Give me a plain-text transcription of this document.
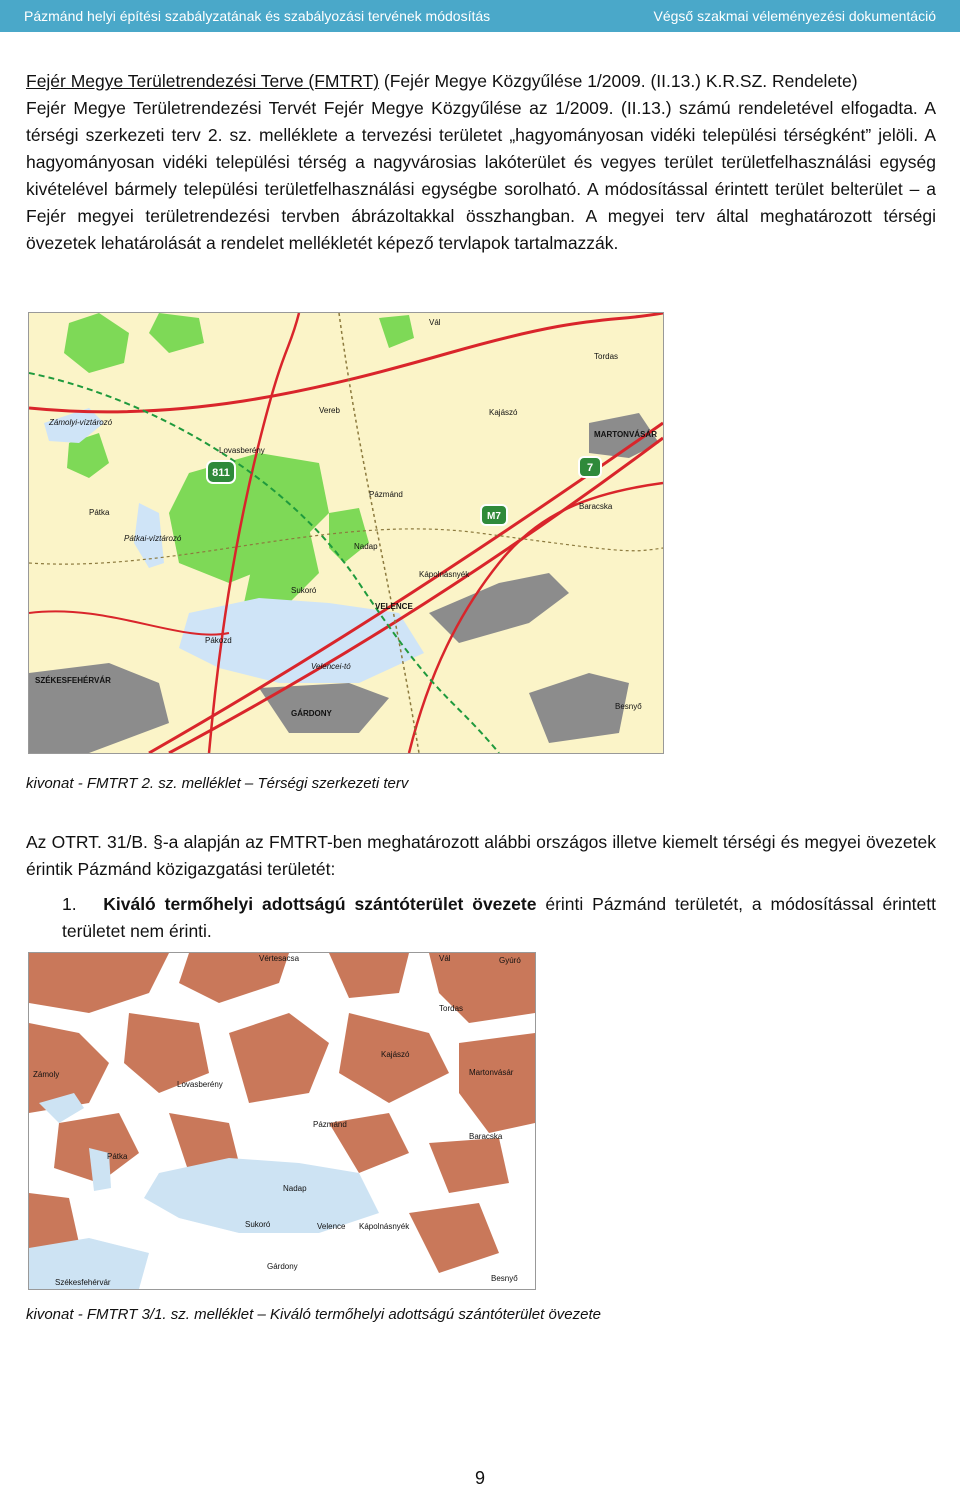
Pázmánd helyi építési szabályzatának és szabályozási tervének módosítás	Végső szakmai véleményezési dokumentáció
Fejér Megye Területrendezési Terve (FMTRT) (Fejér Megye Közgyűlése 1/2009. (II.13.) K.R.SZ. Rendelete)
Fejér Megye Területrendezési Tervét Fejér Megye Közgyűlése az 1/2009. (II.13.) számú rendeletével elfogadta. A térségi szerkezeti terv 2. sz. melléklete a tervezési területet „hagyományosan vidéki települési térségként” jelöli. A hagyományosan vidéki települési térség a nagyvárosias lakóterület és vegyes terület területfelhasználási egység kivételével bármely települési területfelhasználási egységbe sorolható. A módosítással érintett terület belterület – a Fejér megyei területrendezési tervben ábrázoltakkal összhangban. A megyei terv által meghatározott térségi övezetek lehatárolását a rendelet mellékletét képező tervlapok tartalmazzák.
811	7
M7
Vál
Tordas
Vereb	Kajászó
MARTONVÁSÁR
Zámolyi-víztározó
Lovasberény
Pázmánd
Baracska
Pátka
Pátkai-víztározó
Nadap
Kápolnásnyék
Sukoró
VELENCE
Pákozd
Velencei-tó
SZÉKESFEHÉRVÁR
GÁRDONY
Besnyő
kivonat - FMTRT 2. sz. melléklet – Térségi szerkezeti terv
Az OTRT. 31/B. §-a alapján az FMTRT-ben meghatározott alábbi országos illetve kiemelt térségi és megyei övezetek érintik Pázmánd közigazgatási területét:
1. Kiváló termőhelyi adottságú szántóterület övezete érinti Pázmánd területét, a módosítással érintett területet nem érinti.
Vértesacsa	Vál	Gyúró
Tordas
Zámoly
Lovasberény
Kajászó
Martonvásár
Pázmánd
Baracska
Pátka
Nadap
Sukoró	Velence Kápolnásnyék
Székesfehérvár
Gárdony
Besnyő
kivonat - FMTRT 3/1. sz. melléklet – Kiváló termőhelyi adottságú szántóterület övezete
9
